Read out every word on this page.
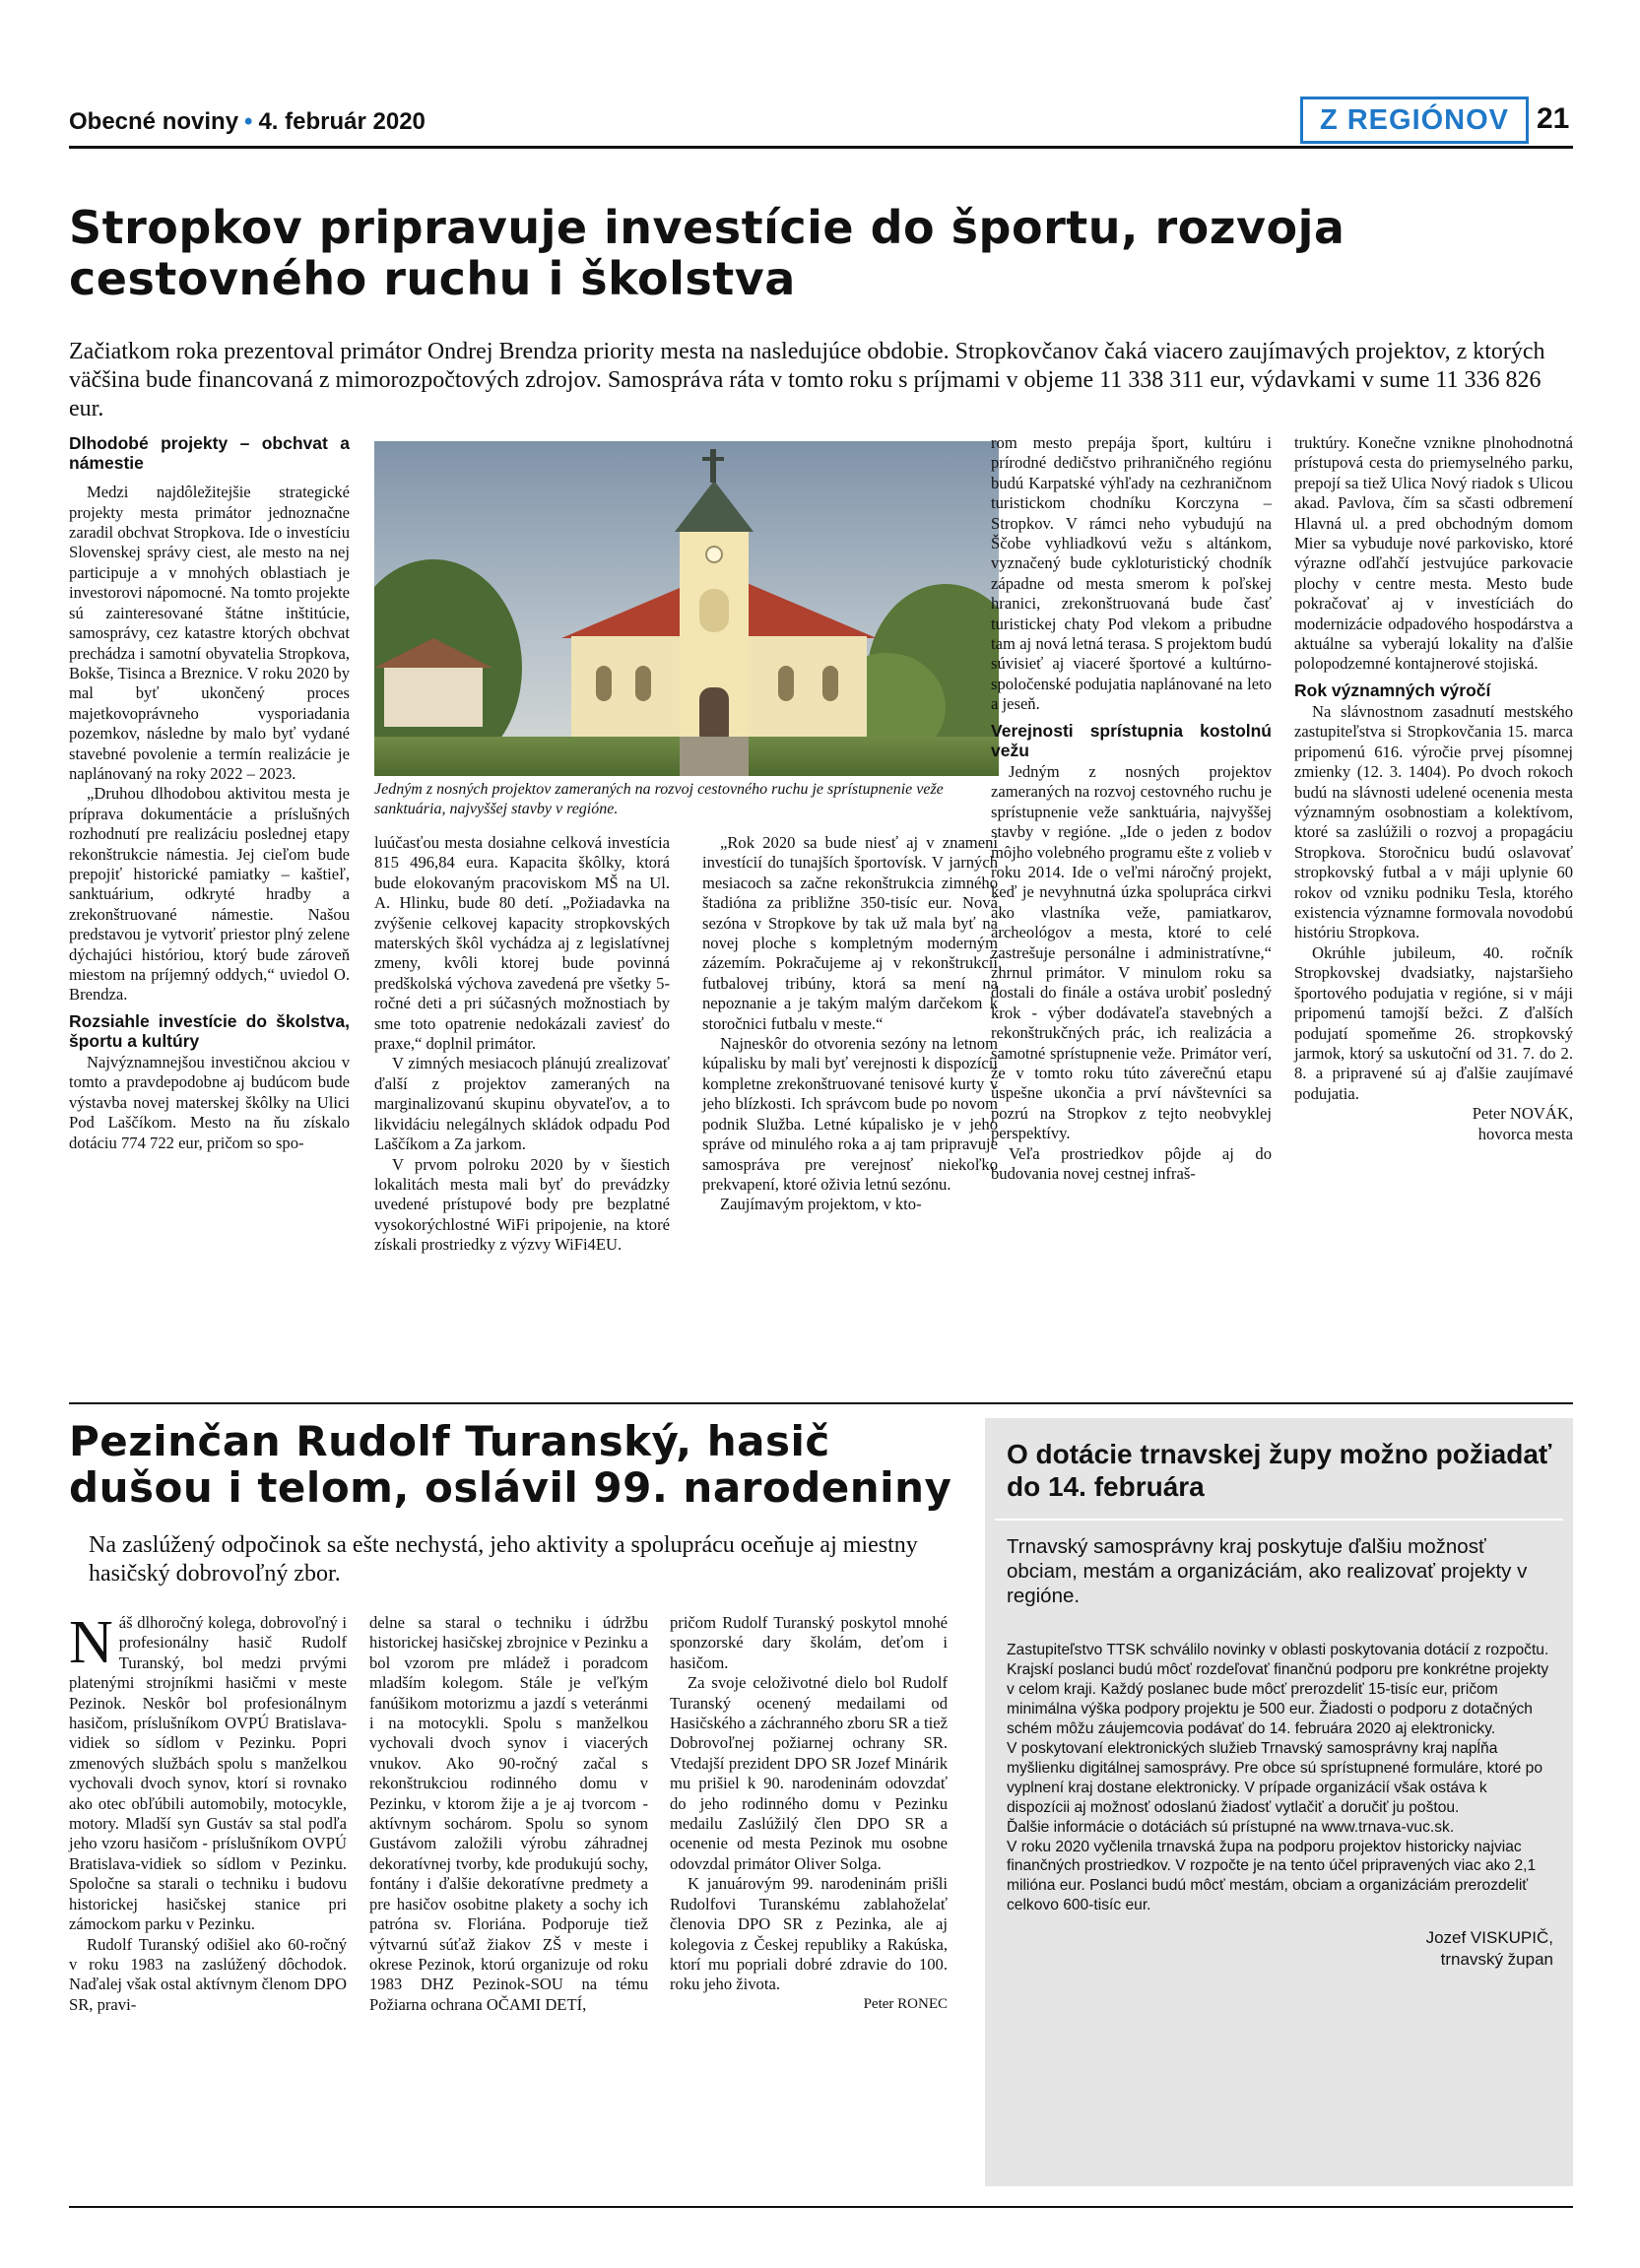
Obecné noviny • 4. február 2020	Z REGIÓNOV 21
Stropkov pripravuje investície do športu, rozvoja
cestovného ruchu i školstva
Začiatkom roka prezentoval primátor Ondrej Brendza priority mesta na nasledujúce obdobie. Stropkovčanov čaká viacero zaujímavých projektov, z ktorých väčšina bude financovaná z mimorozpočtových zdrojov. Samospráva ráta v tomto roku s príjmami v objeme 11 338 311 eur, výdavkami v sume 11 336 826 eur.
Jedným z nosných projektov zameraných na rozvoj cestovného ruchu je sprístupnenie veže sanktuária, najvyššej stavby v regióne.
Dlhodobé projekty – obchvat a námestie

Medzi najdôležitejšie strategické projekty mesta primátor jednoznačne zaradil obchvat Stropkova. Ide o investíciu Slovenskej správy ciest, ale mesto na nej participuje a v mnohých oblastiach je investorovi nápomocné. Na tomto projekte sú zainteresované štátne inštitúcie, samosprávy, cez katastre ktorých obchvat prechádza i samotní obyvatelia Stropkova, Bokše, Tisinca a Breznice. V roku 2020 by mal byť ukončený proces majetkovoprávneho vysporiadania pozemkov, následne by malo byť vydané stavebné povolenie a termín realizácie je naplánovaný na roky 2022 – 2023.

„Druhou dlhodobou aktivitou mesta je príprava dokumentácie a príslušných rozhodnutí pre realizáciu poslednej etapy rekonštrukcie námestia. Jej cieľom bude prepojiť historické pamiatky – kaštieľ, sanktuárium, odkryté hradby a zrekonštruované námestie. Našou predstavou je vytvoriť priestor plný zelene dýchajúci históriou, ktorý bude zároveň miestom na príjemný oddych,“ uviedol O. Brendza.

Rozsiahle investície do školstva, športu a kultúry

Najvýznamnejšou investičnou akciou v tomto a pravdepodobne aj budúcom bude výstavba novej materskej škôlky na Ulici Pod Laščíkom. Mesto na ňu získalo dotáciu 774 722 eur, pričom so spo-

luúčasťou mesta dosiahne celková investícia 815 496,84 eura. Kapacita škôlky, ktorá bude elokovaným pracoviskom MŠ na Ul. A. Hlinku, bude 80 detí. „Požiadavka na zvýšenie celkovej kapacity stropkovských materských škôl vychádza aj z legislatívnej zmeny, kvôli ktorej bude povinná predškolská výchova zavedená pre všetky 5-ročné deti a pri súčasných možnostiach by sme toto opatrenie nedokázali zaviesť do praxe,“ doplnil primátor.

V zimných mesiacoch plánujú zrealizovať ďalší z projektov zameraných na marginalizovanú skupinu obyvateľov, a to likvidáciu nelegálnych skládok odpadu Pod Laščíkom a Za jarkom.

V prvom polroku 2020 by v šiestich lokalitách mesta mali byť do prevádzky uvedené prístupové body pre bezplatné vysokorýchlostné WiFi pripojenie, na ktoré získali prostriedky z výzvy WiFi4EU.

„Rok 2020 sa bude niesť aj v znamení investícií do tunajších športovísk. V jarných mesiacoch sa začne rekonštrukcia zimného štadióna za približne 350-tisíc eur. Nová sezóna v Stropkove by tak už mala byť na novej ploche s kompletným moderným zázemím. Pokračujeme aj v rekonštrukcii futbalovej tribúny, ktorá sa mení na nepoznanie a je takým malým darčekom k storočnici futbalu v meste.“

Najneskôr do otvorenia sezóny na letnom kúpalisku by mali byť verejnosti k dispozícii kompletne zrekonštruované tenisové kurty v jeho blízkosti. Ich správcom bude po novom podnik Služba. Letné kúpalisko je v jeho správe od minulého roka a aj tam pripravuje samospráva pre verejnosť niekoľko prekvapení, ktoré oživia letnú sezónu.

Zaujímavým projektom, v kto-

rom mesto prepája šport, kultúru i prírodné dedičstvo prihraničného regiónu budú Karpatské výhľady na cezhraničnom turistickom chodníku Korczyna – Stropkov. V rámci neho vybudujú na Ščobe vyhliadkovú vežu s altánkom, vyznačený bude cykloturistický chodník západne od mesta smerom k poľskej hranici, zrekonštruovaná bude časť turistickej chaty Pod vlekom a pribudne tam aj nová letná terasa. S projektom budú súvisieť aj viaceré športové a kultúrno-spoločenské podujatia naplánované na leto a jeseň.

Verejnosti sprístupnia kostolnú vežu

Jedným z nosných projektov zameraných na rozvoj cestovného ruchu je sprístupnenie veže sanktuária, najvyššej stavby v regióne. „Ide o jeden z bodov môjho volebného programu ešte z volieb v roku 2014. Ide o veľmi náročný projekt, keď je nevyhnutná úzka spolupráca cirkvi ako vlastníka veže, pamiatkarov, archeológov a mesta, ktoré to celé zastrešuje personálne i administratívne,“ zhrnul primátor. V minulom roku sa dostali do finále a ostáva urobiť posledný krok - výber dodávateľa stavebných a rekonštrukčných prác, ich realizácia a samotné sprístupnenie veže. Primátor verí, že v tomto roku túto záverečnú etapu úspešne ukončia a prví návštevníci sa pozrú na Stropkov z tejto neobvyklej perspektívy.

Veľa prostriedkov pôjde aj do budovania novej cestnej infraš-

truktúry. Konečne vznikne plnohodnotná prístupová cesta do priemyselného parku, prepojí sa tiež Ulica Nový riadok s Ulicou akad. Pavlova, čím sa sčasti odbremení Hlavná ul. a pred obchodným domom Mier sa vybuduje nové parkovisko, ktoré výrazne odľahčí jestvujúce parkovacie plochy v centre mesta. Mesto bude pokračovať aj v investíciách do modernizácie odpadového hospodárstva a aktuálne sa vyberajú lokality na ďalšie polopodzemné kontajnerové stojiská.

Rok významných výročí

Na slávnostnom zasadnutí mestského zastupiteľstva si Stropkovčania 15. marca pripomenú 616. výročie prvej písomnej zmienky (12. 3. 1404). Po dvoch rokoch budú na slávnosti udelené ocenenia mesta významným osobnostiam a kolektívom, ktoré sa zaslúžili o rozvoj a propagáciu Stropkova. Storočnicu budú oslavovať stropkovský futbal a v máji uplynie 60 rokov od vzniku podniku Tesla, ktorého existencia významne formovala novodobú históriu Stropkova.

Okrúhle jubileum, 40. ročník Stropkovskej dvadsiatky, najstaršieho športového podujatia v regióne, si v máji pripomenú tamojší bežci. Z ďalších podujatí spomeňme 26. stropkovský jarmok, ktorý sa uskutoční od 31. 7. do 2. 8. a pripravené sú aj ďalšie zaujímavé podujatia.

Peter NOVÁK,

hovorca mesta

Pezinčan Rudolf Turanský, hasič
dušou i telom, oslávil 99. narodeniny
Na zaslúžený odpočinok sa ešte nechystá, jeho aktivity a spoluprácu oceňuje aj miestny hasičský dobrovoľný zbor.

Náš dlhoročný kolega, dobrovoľný i profesionálny hasič Rudolf Turanský, bol medzi prvými platenými strojníkmi hasičmi v meste Pezinok. Neskôr bol profesionálnym hasičom, príslušníkom OVPÚ Bratislava-vidiek so sídlom v Pezinku. Popri zmenových službách spolu s manželkou vychovali dvoch synov, ktorí si rovnako ako otec obľúbili automobily, motocykle, motory. Mladší syn Gustáv sa stal podľa jeho vzoru hasičom - príslušníkom OVPÚ Bratislava-vidiek so sídlom v Pezinku. Spoločne sa starali o techniku i budovu historickej hasičskej stanice pri zámockom parku v Pezinku.

Rudolf Turanský odišiel ako 60-ročný v roku 1983 na zaslúžený dôchodok. Naďalej však ostal aktívnym členom DPO SR, pravi-

delne sa staral o techniku i údržbu historickej hasičskej zbrojnice v Pezinku a bol vzorom pre mládež i poradcom mladším kolegom. Stále je veľkým fanúšikom motorizmu a jazdí s veteránmi i na motocykli. Spolu s manželkou vychovali dvoch synov i viacerých vnukov. Ako 90-ročný začal s rekonštrukciou rodinného domu v Pezinku, v ktorom žije a je aj tvorcom - aktívnym sochárom. Spolu so synom Gustávom založili výrobu záhradnej dekoratívnej tvorby, kde produkujú sochy, fontány i ďalšie dekoratívne predmety a pre hasičov osobitne plakety a sochy ich patróna sv. Floriána. Podporuje tiež výtvarnú súťaž žiakov ZŠ v meste i okrese Pezinok, ktorú organizuje od roku 1983 DHZ Pezinok-SOU na tému Požiarna ochrana OČAMI DETÍ,

pričom Rudolf Turanský poskytol mnohé sponzorské dary školám, deťom i hasičom.

Za svoje celoživotné dielo bol Rudolf Turanský ocenený medailami od Hasičského a záchranného zboru SR a tiež Dobrovoľnej požiarnej ochrany SR. Vtedajší prezident DPO SR Jozef Minárik mu prišiel k 90. narodeninám odovzdať do jeho rodinného domu v Pezinku medailu Zaslúžilý člen DPO SR a ocenenie od mesta Pezinok mu osobne odovzdal primátor Oliver Solga.

K januárovým 99. narodeninám prišli Rudolfovi Turanskému zablahoželať členovia DPO SR z Pezinka, ale aj kolegovia z Českej republiky a Rakúska, ktorí mu popriali dobré zdravie do 100. roku jeho života.

Peter RONEC

O dotácie trnavskej župy možno požiadať do 14. februára
Trnavský samosprávny kraj poskytuje ďalšiu možnosť obciam, mestám a organizáciám, ako realizovať projekty v regióne.

Zastupiteľstvo TTSK schválilo novinky v oblasti poskytovania dotácií z rozpočtu. Krajskí poslanci budú môcť rozdeľovať finančnú podporu pre konkrétne projekty v celom kraji. Každý poslanec bude môcť prerozdeliť 15-tisíc eur, pričom minimálna výška podpory projektu je 500 eur. Žiadosti o podporu z dotačných schém môžu záujemcovia podávať do 14. februára 2020 aj elektronicky.

V poskytovaní elektronických služieb Trnavský samosprávny kraj napĺňa myšlienku digitálnej samosprávy. Pre obce sú sprístupnené formuláre, ktoré po vyplnení kraj dostane elektronicky. V prípade organizácií však ostáva k dispozícii aj možnosť odoslanú žiadosť vytlačiť a doručiť ju poštou.

Ďalšie informácie o dotáciách sú prístupné na www.trnava-vuc.sk.

V roku 2020 vyčlenila trnavská župa na podporu projektov historicky najviac finančných prostriedkov. V rozpočte je na tento účel pripravených viac ako 2,1 milióna eur. Poslanci budú môcť mestám, obciam a organizáciám prerozdeliť celkovo 600-tisíc eur.

Jozef VISKUPIČ,

trnavský župan
